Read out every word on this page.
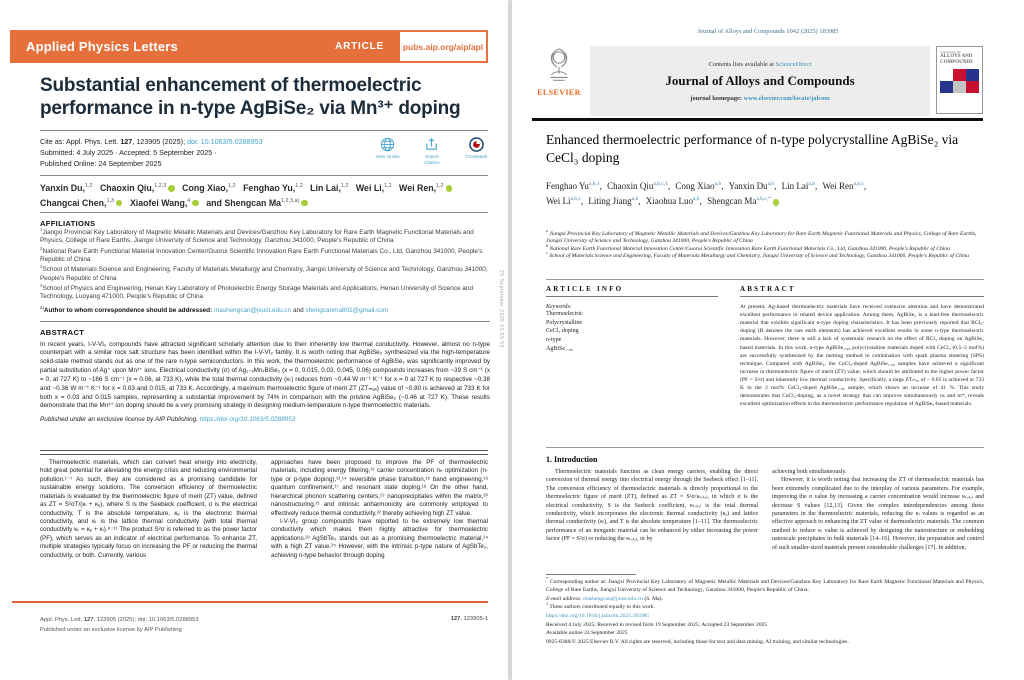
Applied Physics Letters	ARTICLE	pubs.aip.org/aip/apl
Substantial enhancement of thermoelectric performance in n-type AgBiSe₂ via Mn³⁺ doping
Cite as: Appl. Phys. Lett. 127, 123905 (2025); doi: 10.1063/5.0288953
Submitted: 4 July 2025 · Accepted: 5 September 2025 ·
Published Online: 24 September 2025
View Online	Export Citation
CrossMark
Yanxin Du,$^{1,2}$ Chaoxin Qiu,$^{1,2,3}$ Cong Xiao,$^{1,2}$ Fenghao Yu,$^{1,2}$ Lin Lai,$^{1,2}$ Wei Li,$^{1,2}$ Wei Ren,$^{1,2}$ Changcai Chen,$^{1,3}$ Xiaofei Wang,$^4$ and Shengcan Ma$^{1,2,3,a)}$
AFFILIATIONS
$^1$Jiangxi Provincial Key Laboratory of Magnetic Metallic Materials and Devices/Ganzhou Key Laboratory for Rare Earth Magnetic Functional Materials and Physics, College of Rare Earths, Jiangxi University of Science and Technology, Ganzhou 341000, People's Republic of China
$^2$National Rare Earth Functional Material Innovation Center/Guorui Scientific Innovation Rare Earth Functional Materials Co., Ltd, Ganzhou 341000, People's Republic of China
$^3$School of Materials Science and Engineering, Faculty of Materials Metallurgy and Chemistry, Jiangxi University of Science and Technology, Ganzhou 341000, People's Republic of China
$^4$School of Physics and Engineering, Henan Key Laboratory of Photoelectric Energy Storage Materials and Applications, Henan University of Science and Technology, Luoyang 471000, People's Republic of China
$^{a)}$Author to whom correspondence should be addressed: mashengcan@jxust.edu.cn and shengcanma801@gmail.com
ABSTRACT
In recent years, I-V-VI₂ compounds have attracted significant scholarly attention due to their inherently low thermal conductivity. However, almost no n-type counterpart with a similar rock salt structure has been identified within the I-V-VI₂ family. It is worth noting that AgBiSe₂ synthesized via the high-temperature solid-state method stands out as one of the rare n-type semiconductors. In this work, the thermoelectric performance of AgBiSe₂ was significantly improved by partial substitution of Ag⁺ upon Mn³⁺ ions. Electrical conductivity (σ) of Ag₁₋ₓMnₓBiSe₂ (x = 0, 0.015, 0.03, 0.045, 0.06) compounds increases from ~39 S cm⁻¹ (x = 0, at 727 K) to ~166 S cm⁻¹ (x = 0.06, at 733 K), while the total thermal conductivity (κₜ) reduces from ~0.44 W m⁻¹ K⁻¹ for x = 0 at 727 K to respective ~0.38 and ~0.36 W m⁻¹ K⁻¹ for x = 0.03 and 0.015, at 733 K. Accordingly, a maximum thermoelectric figure of merit ZT (ZTₘₐₓ) value of ~0.80 is achieved at 733 K for both x = 0.03 and 0.015 samples, representing a substantial improvement by 74% in comparison with the pristine AgBiSe₂ (~0.46 at 727 K). These results demonstrate that the Mn³⁺ ion doping should be a very promising strategy in designing medium-temperature n-type thermoelectric materials.
Published under an exclusive license by AIP Publishing. https://doi.org/10.1063/5.0288953

Thermoelectric materials, which can convert heat energy into electricity, hold great potential for alleviating the energy crisis and reducing environmental pollution.¹⁻⁷ As such, they are considered as a promising candidate for sustainable energy solutions. The conversion efficiency of thermoelectric materials is evaluated by the thermoelectric figure of merit (ZT) value, defined as ZT = S²σT/(κₗ + κₑ), where S is the Seebeck coefficient, σ is the electrical conductivity, T is the absolute temperature, κₑ is the electronic thermal conductivity, and κₗ is the lattice thermal conductivity (with total thermal conductivity κₜ = κₑ + κₗ).⁸⁻¹¹ The product S²σ is referred to as the power factor (PF), which serves as an indicator of electrical performance. To enhance ZT, multiple strategies typically focus on increasing the PF or reducing the thermal conductivity, or both. Currently, various

approaches have been proposed to improve the PF of thermoelectric materials, including energy filtering,¹² carrier concentration nₕ optimization (n-type or p-type doping),¹³,¹⁴ reversible phase transition,¹⁵ band engineering,¹⁶ quantum confinement,¹⁷ and resonant state doping.¹⁸ On the other hand, hierarchical phonon scattering centers,¹⁹ nanoprecipitates within the matrix,²⁰ nanostructuring,²¹ and intrinsic anharmonicity are commonly employed to effectively reduce thermal conductivity,²² thereby achieving high ZT value.

I-V-VI₂ group compounds have reported to be extremely low thermal conductivity which makes them highly attractive for thermoelectric applications.²³ AgSbTe₂ stands out as a promising thermoelectric material,²⁴ with a high ZT value.²⁵ However, with the intrinsic p-type nature of AgSbTe₂, achieving n-type behavior through doping

Appl. Phys. Lett. 127, 123905 (2025); doi: 10.1063/5.0288953
Published under an exclusive license by AIP Publishing
127, 123905-1
25 September 2025 01:59:53
Journal of Alloys and Compounds 1042 (2025) 183985
ELSEVIER
Contents lists available at ScienceDirect
Journal of Alloys and Compounds
journal homepage: www.elsevier.com/locate/jalcom
JOURNAL OF
ALLOYS AND
COMPOUNDS
Enhanced thermoelectric performance of n-type polycrystalline AgBiSe₂ via CeCl₃ doping
Fenghao Yu$^{a,b,1}$, Chaoxin Qiu$^{a,b,c,1}$, Cong Xiao$^{a,b}$, Yanxin Du$^{a,b}$, Lin Lai$^{a,b}$, Wei Ren$^{a,b,c}$, Wei Li$^{a,b,c}$, Liting Jiang$^{a,b}$, Xiaohua Luo$^{a,b}$, Shengcan $Ma^{a,b,c,*}$
$^a$ Jiangxi Provincial Key Laboratory of Magnetic Metallic Materials and Devices/Ganzhou Key Laboratory for Rare Earth Magnetic Functional Materials and Physics, College of Rare Earths, Jiangxi University of Science and Technology, Ganzhou 341000, People's Republic of China
$^b$ National Rare Earth Functional Material Innovation Center/Guorui Scientific Innovation Rare Earth Functional Materials Co., Ltd, Ganzhou 341000, People's Republic of China
$^c$ School of Materials Science and Engineering, Faculty of Materials Metallurgy and Chemistry, Jiangxi University of Science and Technology, Ganzhou 341000, People's Republic of China
ARTICLE INFO
Keywords:
Thermoelectric
Polycrystalline
CeCl₃ doping
n-type
AgBiSe₁.₉₈
ABSTRACT
At present, Ag-based thermoelectric materials have received extensive attention and have demonstrated excellent performance in related device application. Among them, AgBiSe₂ is a lead-free thermoelectric material that exhibits significant n-type doping characteristics. It has been previously reported that RCl₃-doping (R denotes the rare earth elements) has achieved excellent results in some n-type thermoelectric materials. However, there is still a lack of systematic research on the effect of RCl₃ doping on AgBiSe₂ based materials. In this work, n-type AgBiSe₁.₉₈ polycrystalline materials doped with CeCl₃ (0.5–2 mol%) are successfully synthesized by the melting method in combination with spark plasma sintering (SPS) technique. Compared with AgBiSe₂, the CeCl₃-doped AgBiSe₁.₉₈ samples have achieved a significant increase in thermoelectric figure of merit (ZT) value, which should be attributed to the higher power factor (PF = S²σ) and inherently low thermal conductivity. Specifically, a large ZTₘₐₓ of ~ 0.65 is achieved at 733 K in the 2 mol% CeCl₃-doped AgBiSe₁.₉₈ sample, which shows an increase of 41 %. This study demonstrates that CeCl₃-doping, as a novel strategy that can improve simultaneously nₕ and m*, reveals excellent optimization effects in the thermoelectric performance regulation of AgBiSe₂-based materials.
1. Introduction

Thermoelectric materials function as clean energy carriers, enabling the direct conversion of thermal energy into electrical energy through the Seebeck effect [1–11]. The conversion efficiency of thermoelectric materials is directly proportional to the thermoelectric figure of merit (ZT), defined as ZT = S²σ/κₜₒₜₐₗ, in which σ is the electrical conductivity, S is the Seebeck coefficient, κₜₒₜₐₗ is the total thermal conductivity, which incorporates the electronic thermal conductivity (κₑ) and lattice thermal conductivity (κₗ), and T is the absolute temperature [1–11]. The thermoelectric performance of an inorganic material can be enhanced by either increasing the power factor (PF = S²σ) or reducing the κₜₒₜₐₗ, or by

achieving both simultaneously.

However, it is worth noting that increasing the ZT of thermoelectric materials has been extremely complicated due to the interplay of various parameters. For example, improving the σ value by increasing a carrier concentration would increase κₜₒₜₐₗ and decrease S values [12,13]. Given the complex interdependencies among these parameters in the thermoelectric materials, reducing the κₗ values is regarded as an effective approach to enhancing the ZT value of thermoelectric materials. The common method to reduce κₗ value is achieved by designing the nanostructure or embedding nanoscale precipitates in bulk materials [14–16]. However, the preparation and control of such smaller-sized materials present considerable challenges [17]. In addition,

* Corresponding author at: Jiangxi Provincial Key Laboratory of Magnetic Metallic Materials and Devices/Ganzhou Key Laboratory for Rare Earth Magnetic Functional Materials and Physics, College of Rare Earths, Jiangxi University of Science and Technology, Ganzhou 341000, People's Republic of China.
E-mail address: mashengcan@jxust.edu.cn (S. Ma).
$^1$ These authors contributed equally to this work.
https://doi.org/10.1016/j.jallcom.2025.183985
Received 4 July 2025; Received in revised form 19 September 2025; Accepted 23 September 2025
Available online 24 September 2025
0925-8388/© 2025 Elsevier B.V. All rights are reserved, including those for text and data mining, AI training, and similar technologies.
